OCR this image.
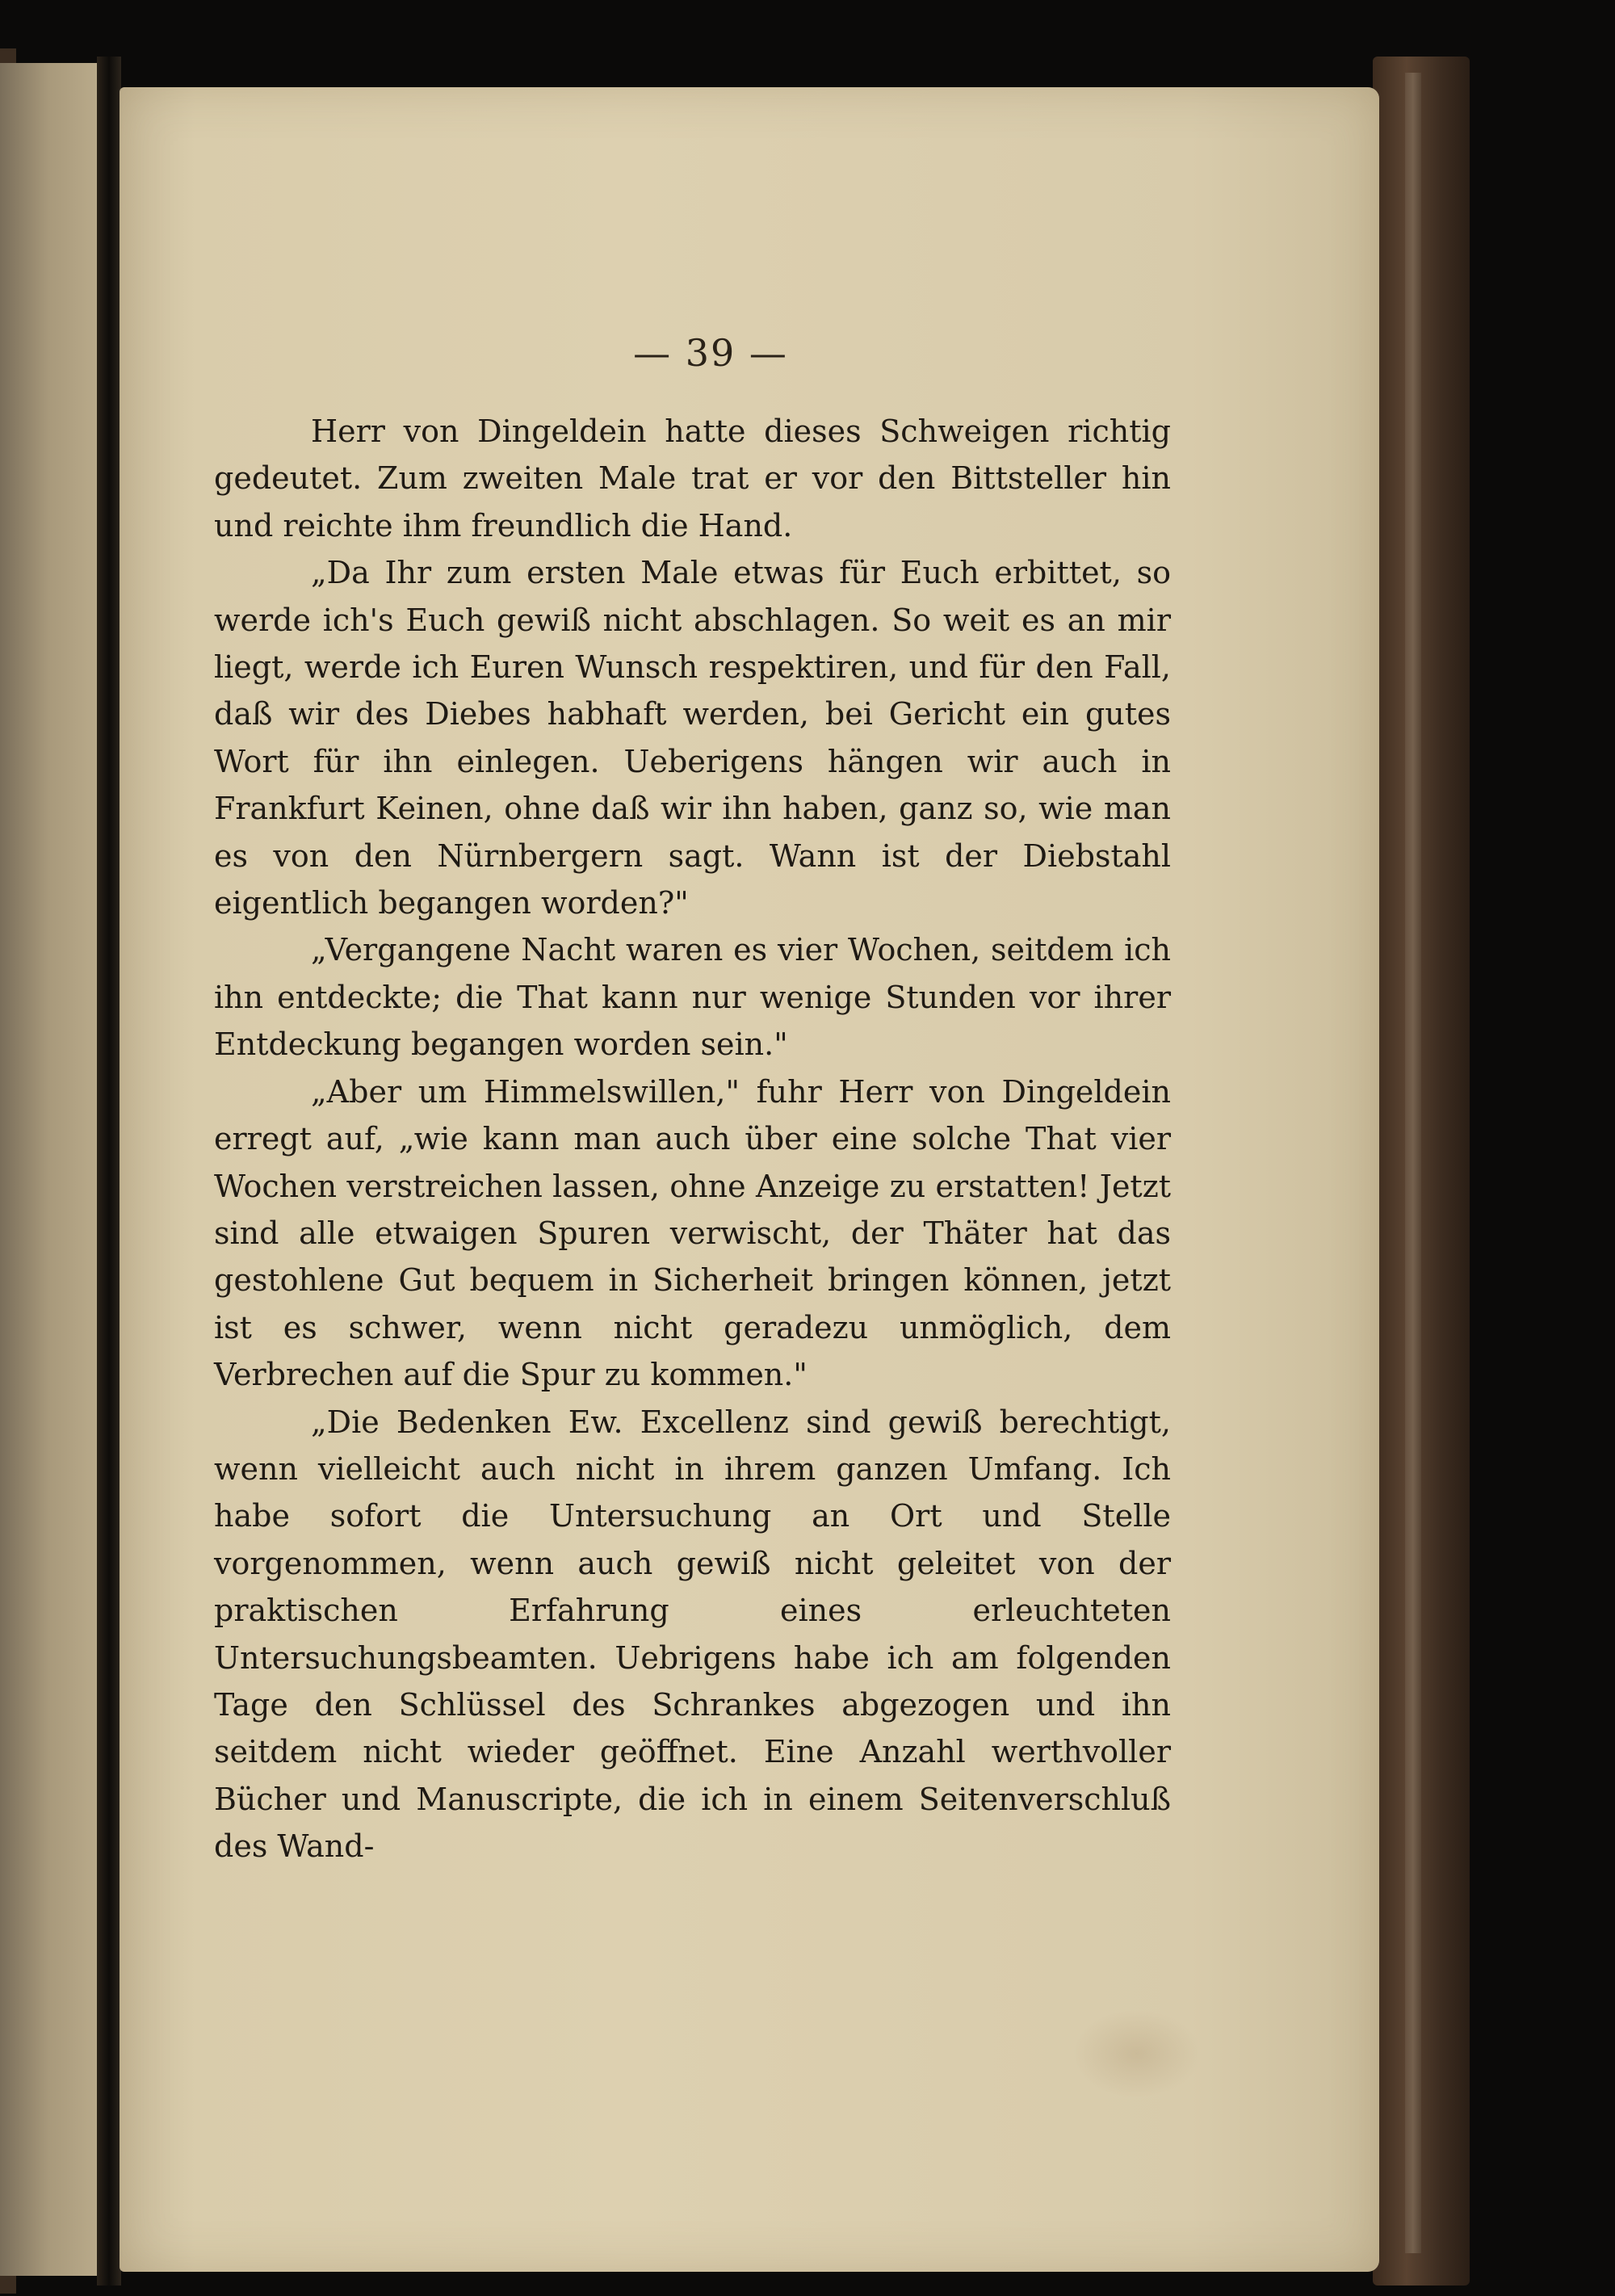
— 39 —

Herr von Dingeldein hatte dieses Schweigen richtig gedeutet. Zum zweiten Male trat er vor den Bittsteller hin und reichte ihm freundlich die Hand.

„Da Ihr zum ersten Male etwas für Euch erbittet, so werde ich's Euch gewiß nicht abschlagen. So weit es an mir liegt, werde ich Euren Wunsch respektiren, und für den Fall, daß wir des Diebes habhaft werden, bei Gericht ein gutes Wort für ihn einlegen. Ueberigens hängen wir auch in Frankfurt Keinen, ohne daß wir ihn haben, ganz so, wie man es von den Nürnbergern sagt. Wann ist der Diebstahl eigentlich begangen worden?"

„Vergangene Nacht waren es vier Wochen, seitdem ich ihn entdeckte; die That kann nur wenige Stunden vor ihrer Entdeckung begangen worden sein."

„Aber um Himmelswillen," fuhr Herr von Dingeldein erregt auf, „wie kann man auch über eine solche That vier Wochen verstreichen lassen, ohne Anzeige zu erstatten! Jetzt sind alle etwaigen Spuren verwischt, der Thäter hat das gestohlene Gut bequem in Sicherheit bringen können, jetzt ist es schwer, wenn nicht geradezu unmöglich, dem Verbrechen auf die Spur zu kommen."

„Die Bedenken Ew. Excellenz sind gewiß berechtigt, wenn vielleicht auch nicht in ihrem ganzen Umfang. Ich habe sofort die Untersuchung an Ort und Stelle vorgenommen, wenn auch gewiß nicht geleitet von der praktischen Erfahrung eines erleuchteten Untersuchungsbeamten. Uebrigens habe ich am folgenden Tage den Schlüssel des Schrankes abgezogen und ihn seitdem nicht wieder geöffnet. Eine Anzahl werthvoller Bücher und Manuscripte, die ich in einem Seitenverschluß des Wand-
